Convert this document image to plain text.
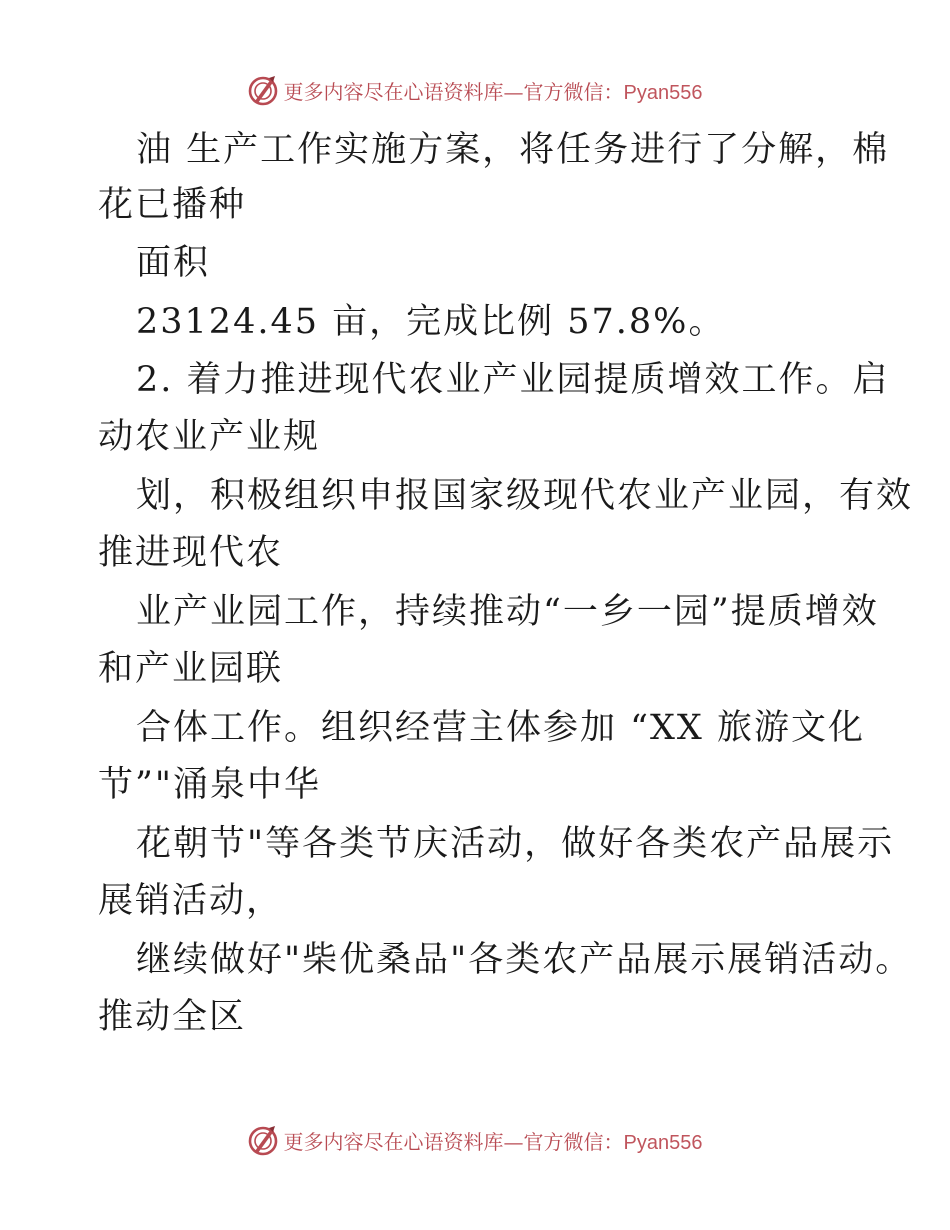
更多内容尽在心语资料库—官方微信：Pyan556
油 生产工作实施方案，将任务进行了分解，棉
花已播种
面积
23124.45 亩，完成比例 57.8%。
2. 着力推进现代农业产业园提质增效工作。启
动农业产业规
划，积极组织申报国家级现代农业产业园，有效
推进现代农
业产业园工作，持续推动“一乡一园”提质增效
和产业园联
合体工作。组织经营主体参加 “XX 旅游文化
节”"涌泉中华
花朝节"等各类节庆活动，做好各类农产品展示
展销活动，
继续做好"柴优桑品"各类农产品展示展销活动。
推动全区
更多内容尽在心语资料库—官方微信：Pyan556
